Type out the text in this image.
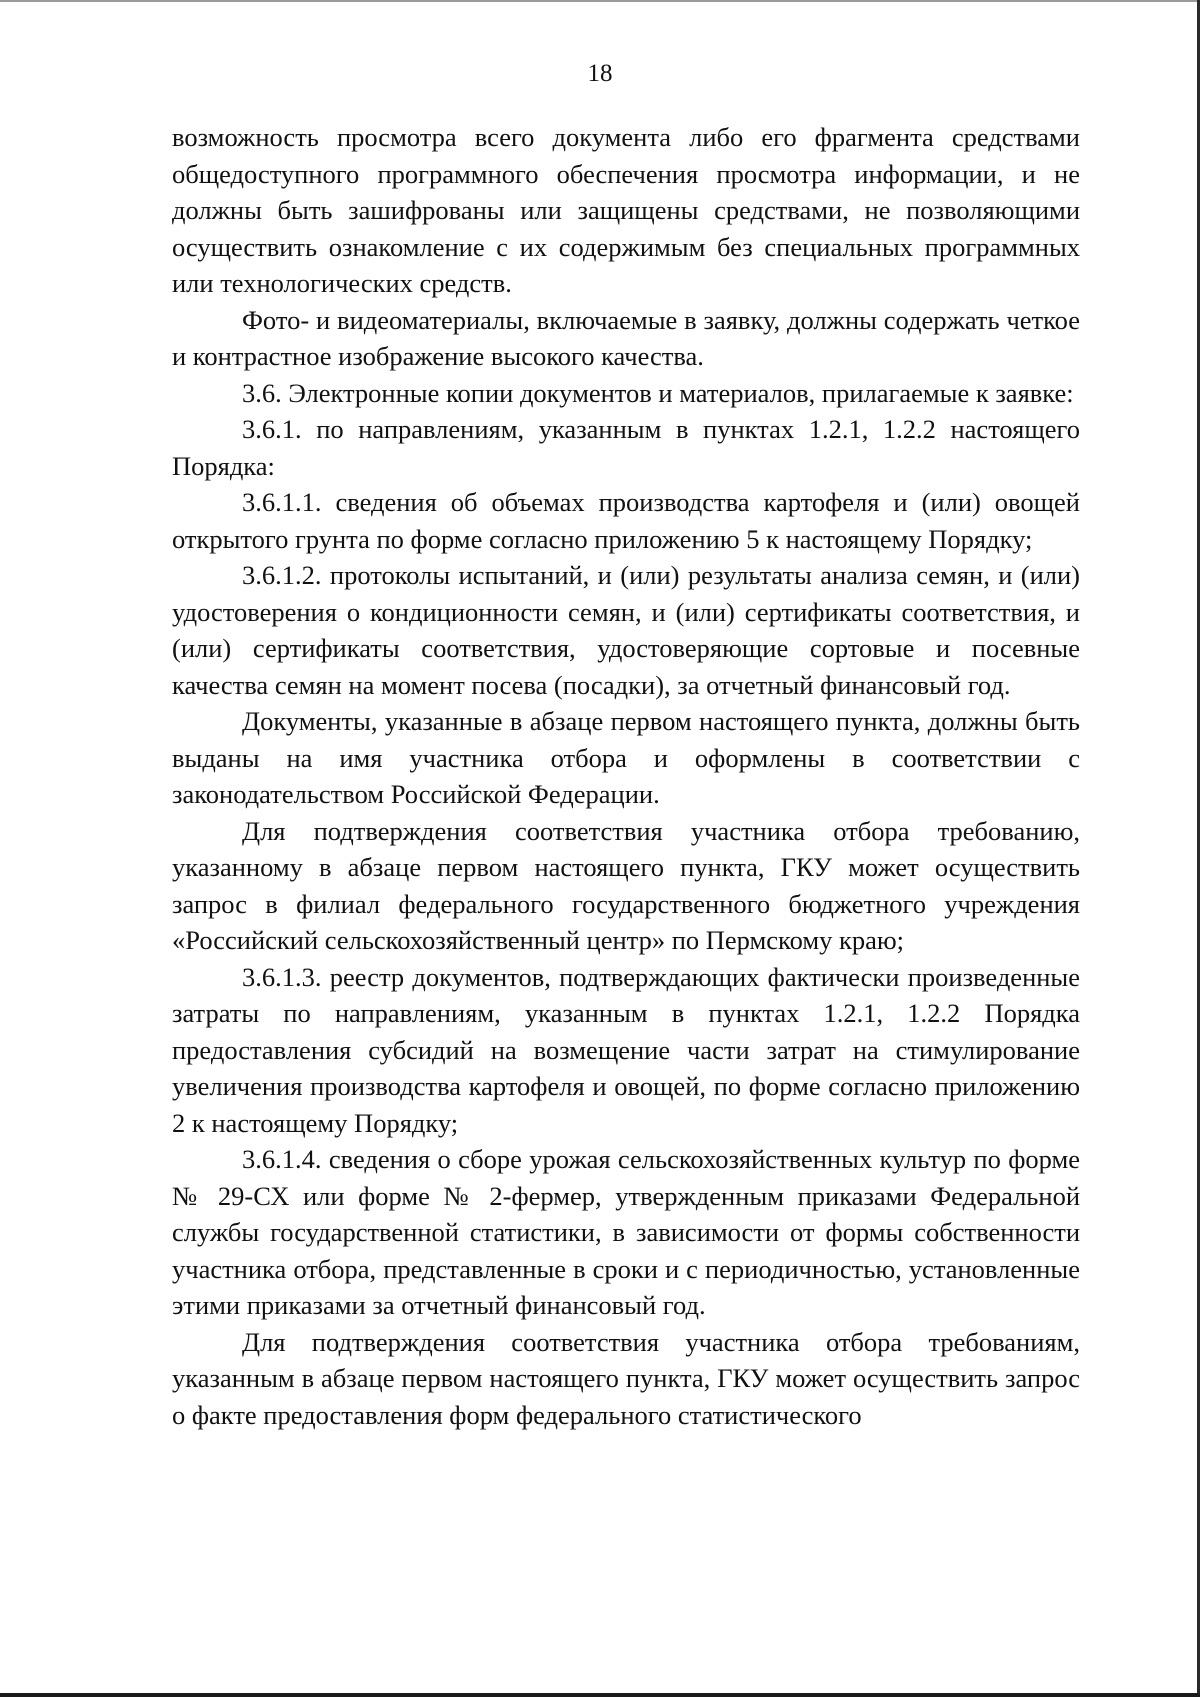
18

возможность просмотра всего документа либо его фрагмента средствами общедоступного программного обеспечения просмотра информации, и не должны быть зашифрованы или защищены средствами, не позволяющими осуществить ознакомление с их содержимым без специальных программных или технологических средств.

Фото- и видеоматериалы, включаемые в заявку, должны содержать четкое и контрастное изображение высокого качества.

3.6. Электронные копии документов и материалов, прилагаемые к заявке:

3.6.1. по направлениям, указанным в пунктах 1.2.1, 1.2.2 настоящего Порядка:

3.6.1.1. сведения об объемах производства картофеля и (или) овощей открытого грунта по форме согласно приложению 5 к настоящему Порядку;

3.6.1.2. протоколы испытаний, и (или) результаты анализа семян, и (или) удостоверения о кондиционности семян, и (или) сертификаты соответствия, и (или) сертификаты соответствия, удостоверяющие сортовые и посевные качества семян на момент посева (посадки), за отчетный финансовый год.

Документы, указанные в абзаце первом настоящего пункта, должны быть выданы на имя участника отбора и оформлены в соответствии с законодательством Российской Федерации.

Для подтверждения соответствия участника отбора требованию, указанному в абзаце первом настоящего пункта, ГКУ может осуществить запрос в филиал федерального государственного бюджетного учреждения «Российский сельскохозяйственный центр» по Пермскому краю;

3.6.1.3. реестр документов, подтверждающих фактически произведенные затраты по направлениям, указанным в пунктах 1.2.1, 1.2.2 Порядка предоставления субсидий на возмещение части затрат на стимулирование увеличения производства картофеля и овощей, по форме согласно приложению 2 к настоящему Порядку;

3.6.1.4. сведения о сборе урожая сельскохозяйственных культур по форме № 29-СХ или форме № 2-фермер, утвержденным приказами Федеральной службы государственной статистики, в зависимости от формы собственности участника отбора, представленные в сроки и с периодичностью, установленные этими приказами за отчетный финансовый год.

Для подтверждения соответствия участника отбора требованиям, указанным в абзаце первом настоящего пункта, ГКУ может осуществить запрос о факте предоставления форм федерального статистического
